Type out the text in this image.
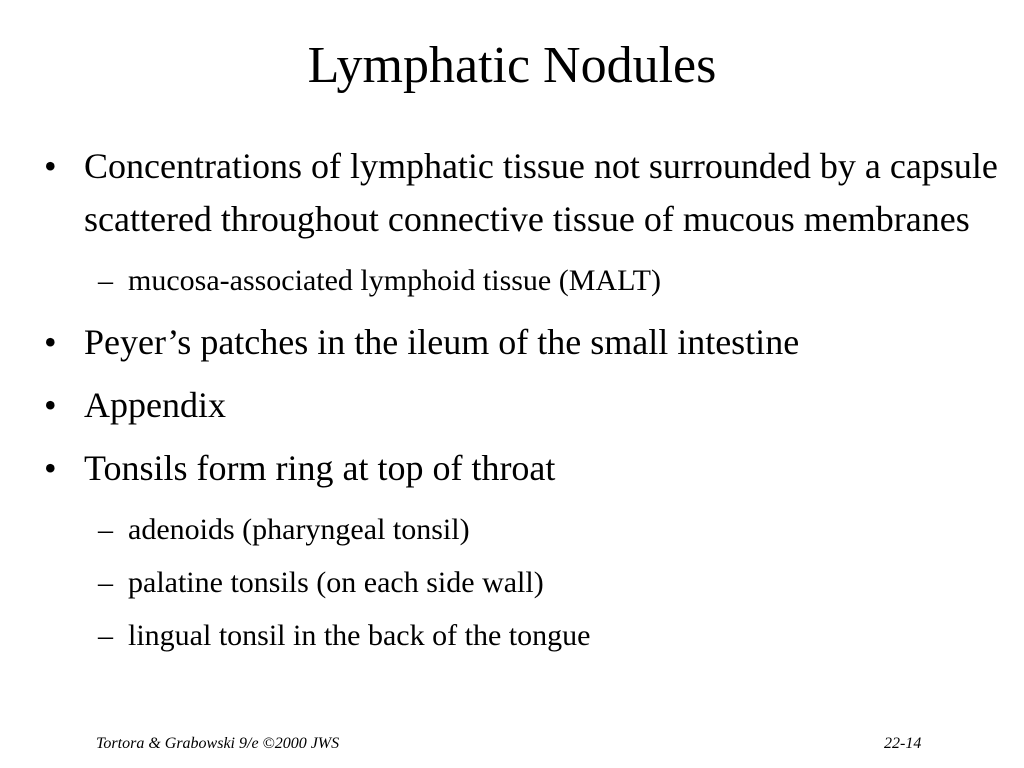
Lymphatic Nodules
• Concentrations of lymphatic tissue not surrounded by a capsule scattered throughout connective tissue of mucous membranes
– mucosa-associated lymphoid tissue (MALT)
• Peyer’s patches in the ileum of the small intestine
• Appendix
• Tonsils form ring at top of throat
– adenoids (pharyngeal tonsil)
– palatine tonsils (on each side wall)
– lingual tonsil in the back of the tongue
Tortora & Grabowski 9/e ©2000 JWS	22-14
